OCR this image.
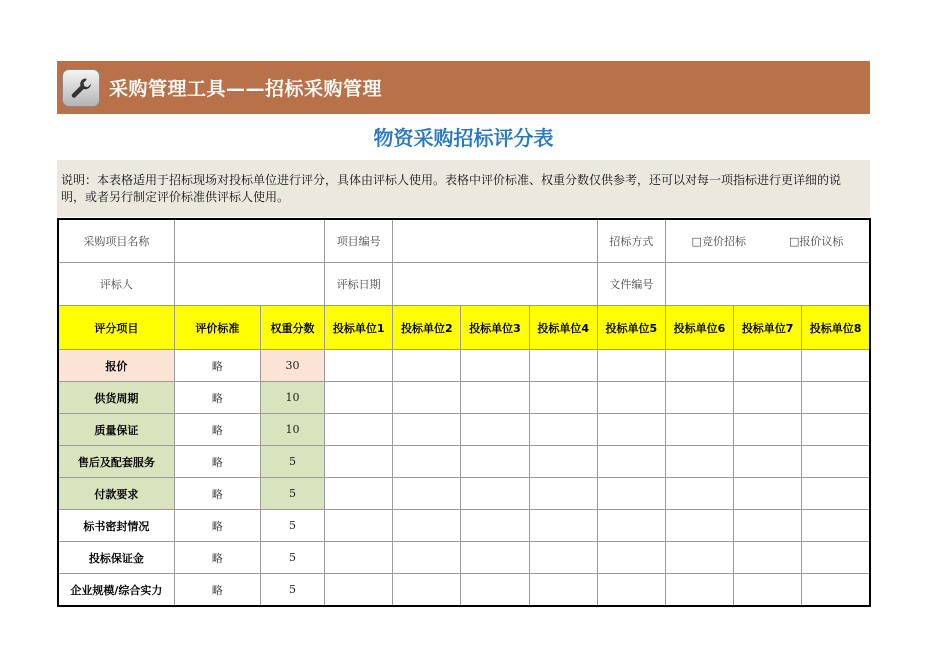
采购管理工具——招标采购管理
物资采购招标评分表
说明：本表格适用于招标现场对投标单位进行评分，具体由评标人使用。表格中评价标准、权重分数仅供参考，还可以对每一项指标进行更详细的说明，或者另行制定评价标准供评标人使用。
采购项目名称			项目编号				招标方式	□竞价招标 □报价议标		
评标人			评标日期				文件编号			
评分项目	评价标准	权重分数	投标单位1	投标单位2	投标单位3	投标单位4	投标单位5	投标单位6	投标单位7	投标单位8
报价	略	30								
供货周期	略	10								
质量保证	略	10								
售后及配套服务	略	5								
付款要求	略	5								
标书密封情况	略	5								
投标保证金	略	5								
企业规模/综合实力	略	5								
